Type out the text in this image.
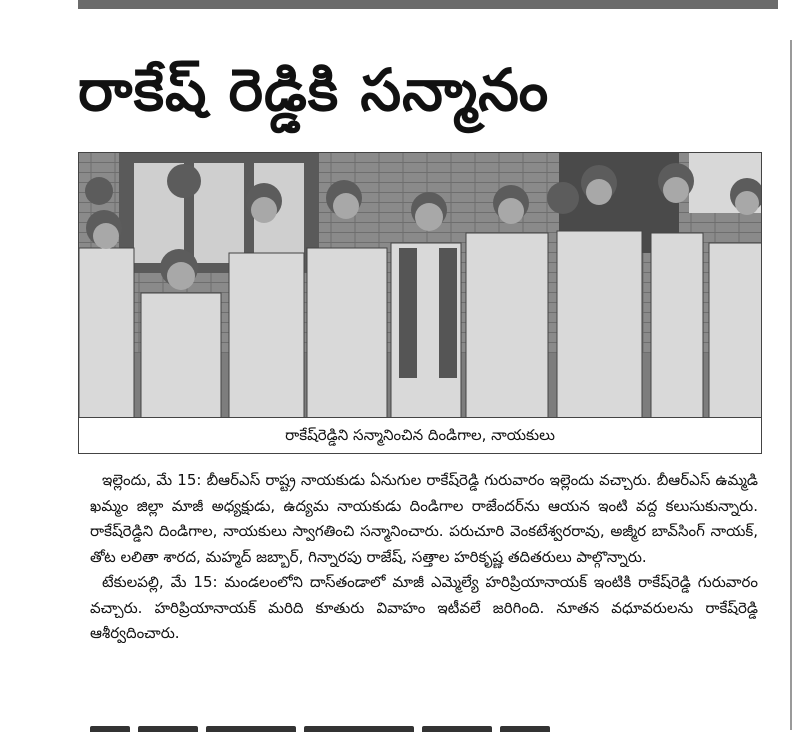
రాకేష్ రెడ్డికి సన్మానం
రాకేష్‌రెడ్డిని సన్మానించిన దిండిగాల, నాయకులు

ఇల్లెందు, మే 15: బీఆర్ఎస్ రాష్ట్ర నాయకుడు ఏనుగుల రాకేష్‌రెడ్డి గురువారం ఇల్లెందు వచ్చారు. బీఆర్ఎస్ ఉమ్మడి ఖమ్మం జిల్లా మాజీ అధ్యక్షుడు, ఉద్యమ నాయకుడు దిండిగాల రాజేందర్‌ను ఆయన ఇంటి వద్ద కలుసుకున్నారు. రాకేష్‌రెడ్డిని దిండిగాల, నాయకులు స్వాగతించి సన్మానించారు. పరుచూరి వెంకటేశ్వరరావు, అజ్మీర బావ్‌సింగ్ నాయక్, తోట లలితా శారద, మహ్మద్ జబ్బార్, గిన్నారపు రాజేష్, సత్తాల హరికృష్ణ తదితరులు పాల్గొన్నారు.

టేకులపల్లి, మే 15: మండలంలోని దాస్‌తండాలో మాజీ ఎమ్మెల్యే హరిప్రియానాయక్ ఇంటికి రాకేష్‌రెడ్డి గురువారం వచ్చారు. హరిప్రియానాయక్ మరిది కూతురు వివాహం ఇటీవలే జరిగింది. నూతన వధూవరులను రాకేష్‌రెడ్డి ఆశీర్వదించారు.
